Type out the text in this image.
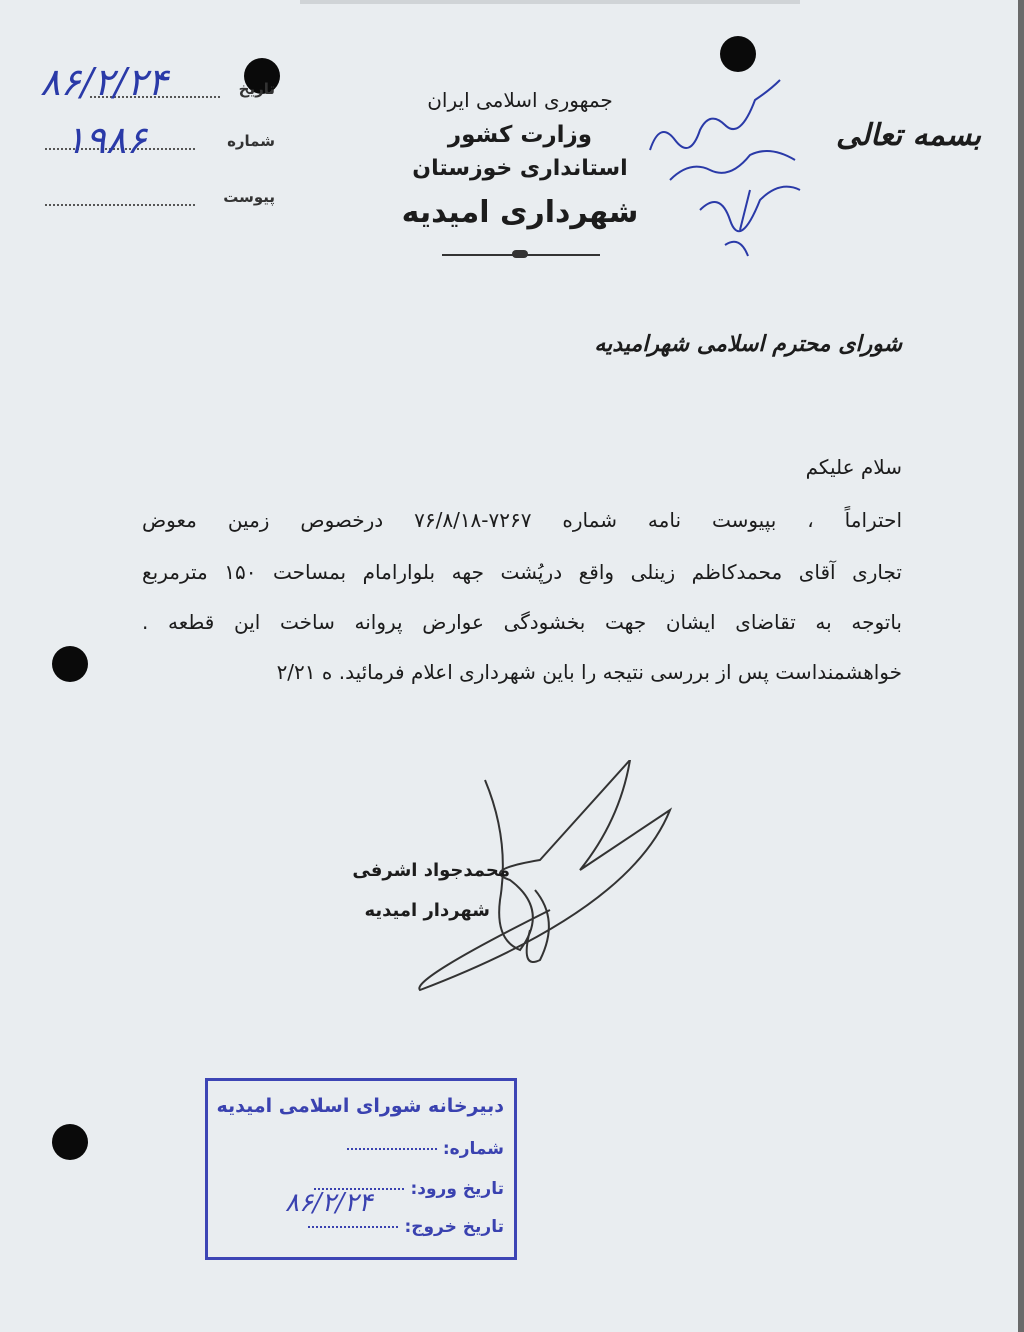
تاریخ
۸۶/۲/۲۴
شماره
۱۹۸۶
پیوست
جمهوری اسلامی ایران
وزارت کشور
استانداری خوزستان
شهرداری امیدیه
بسمه تعالی
شورای محترم اسلامی شهرامیدیه
سلام علیکم
احتراماً ، بپیوست نامه شماره ۷۲۶۷-۷۶/۸/۱۸ درخصوص زمین معوض
تجاری آقای محمدکاظم زینلی واقع درپُشت جهه بلوارامام بمساحت ۱۵۰ مترمربع
باتوجه به تقاضای ایشان جهت بخشودگی عوارض پروانه ساخت این قطعه .
خواهشمنداست پس از بررسی نتیجه را باین شهرداری اعلام فرمائید. ه ۲/۲۱
محمدجواد اشرفی
شهردار امیدیه
دبیرخانه شورای اسلامی امیدیه
شماره:
تاریخ ورود:
تاریخ خروج:
۸۶/۲/۲۴
